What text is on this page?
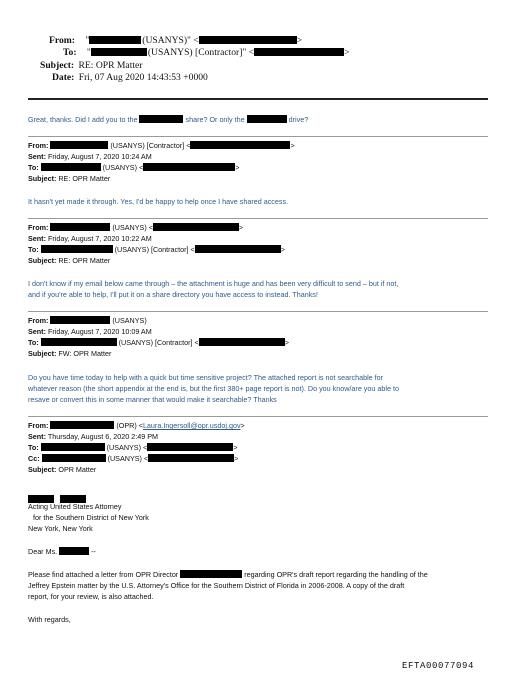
From: "	(USANYS)" <	>
To: "	(USANYS) [Contractor]" <	>
Subject: RE: OPR Matter
Date: Fri, 07 Aug 2020 14:43:53 +0000
Great, thanks. Did I add you to the	share? Or only the	drive?
From:	(USANYS) [Contractor] <	>
Sent: Friday, August 7, 2020 10:24 AM
To:	(USANYS) <	>
Subject: RE: OPR Matter
It hasn't yet made it through. Yes, I'd be happy to help once I have shared access.
From:	(USANYS) <	>
Sent: Friday, August 7, 2020 10:22 AM
To:	(USANYS) [Contractor] <	>
Subject: RE: OPR Matter
I don't know if my email below came through – the attachment is huge and has been very difficult to send – but if not,
and if you're able to help, I'll put it on a share directory you have access to instead. Thanks!
From:	(USANYS)
Sent: Friday, August 7, 2020 10:09 AM
To:	(USANYS) [Contractor] <	>
Subject: FW: OPR Matter
Do you have time today to help with a quick but time sensitive project? The attached report is not searchable for
whatever reason (the short appendix at the end is, but the first 380+ page report is not). Do you know/are you able to
resave or convert this in some manner that would make it searchable? Thanks
From:	(OPR) <Laura.Ingersoll@opr.usdoj.gov>
Sent: Thursday, August 6, 2020 2:49 PM
To:	(USANYS) <	>
Cc:	(USANYS) <	>
Subject: OPR Matter

Acting United States Attorney
for the Southern District of New York
New York, New York
Dear Ms.	--
Please find attached a letter from OPR Director	regarding OPR's draft report regarding the handling of the
Jeffrey Epstein matter by the U.S. Attorney's Office for the Southern District of Florida in 2006-2008. A copy of the draft
report, for your review, is also attached.
With regards,
EFTA00077094
